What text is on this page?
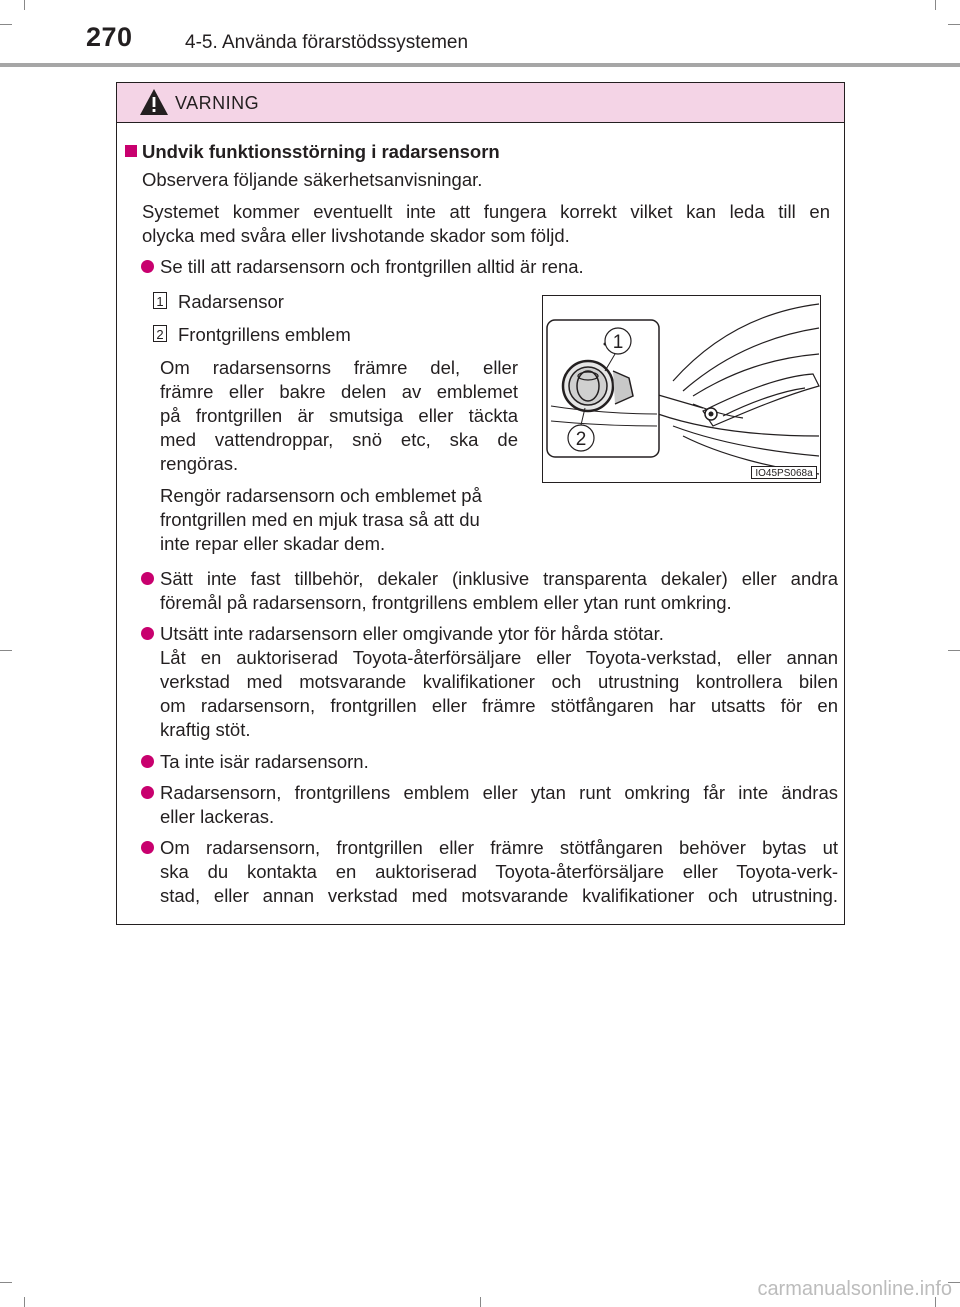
270	4-5. Använda förarstödssystemen
VARNING
Undvik funktionsstörning i radarsensorn
Observera följande säkerhetsanvisningar.
Systemet kommer eventuellt inte att fungera korrekt vilket kan leda till en
olycka med svåra eller livshotande skador som följd.
Se till att radarsensorn och frontgrillen alltid är rena.
1 Radarsensor
2 Frontgrillens emblem
Om radarsensorns främre del, eller
främre eller bakre delen av emblemet
på frontgrillen är smutsiga eller täckta
med vattendroppar, snö etc, ska de
rengöras.
Rengör radarsensorn och emblemet på
frontgrillen med en mjuk trasa så att du
inte repar eller skadar dem.
1
2
IO45PS068a
Sätt inte fast tillbehör, dekaler (inklusive transparenta dekaler) eller andra
föremål på radarsensorn, frontgrillens emblem eller ytan runt omkring.
Utsätt inte radarsensorn eller omgivande ytor för hårda stötar.
Låt en auktoriserad Toyota-återförsäljare eller Toyota-verkstad, eller annan
verkstad med motsvarande kvalifikationer och utrustning kontrollera bilen
om radarsensorn, frontgrillen eller främre stötfångaren har utsatts för en
kraftig stöt.
Ta inte isär radarsensorn.
Radarsensorn, frontgrillens emblem eller ytan runt omkring får inte ändras
eller lackeras.
Om radarsensorn, frontgrillen eller främre stötfångaren behöver bytas ut
ska du kontakta en auktoriserad Toyota-återförsäljare eller Toyota-verk-
stad, eller annan verkstad med motsvarande kvalifikationer och utrustning.
carmanualsonline.info
